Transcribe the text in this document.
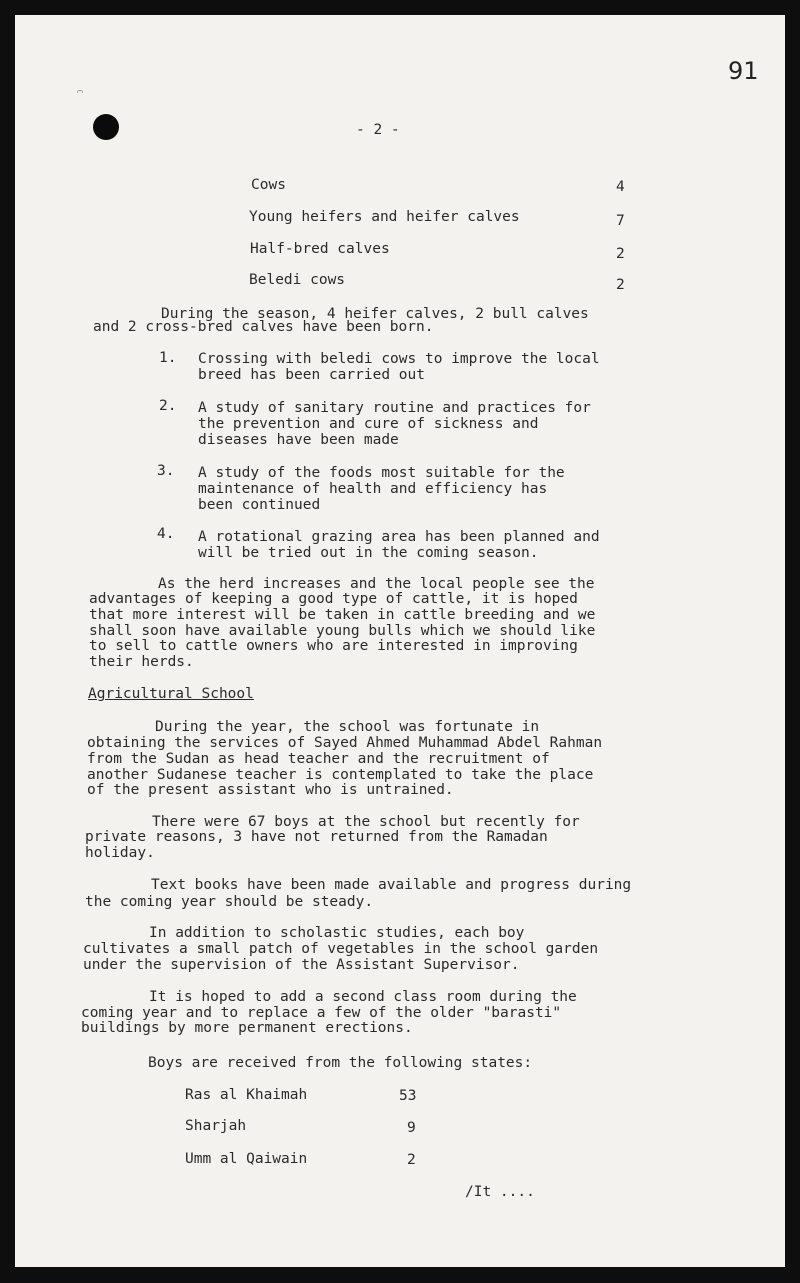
91
⌒
- 2 -
Cows	4
Young heifers and heifer calves	7
Half-bred calves	2
Beledi cows	2
During the season, 4 heifer calves, 2 bull calves
and 2 cross-bred calves have been born.
1. Crossing with beledi cows to improve the local
breed has been carried out
2. A study of sanitary routine and practices for
the prevention and cure of sickness and
diseases have been made
3. A study of the foods most suitable for the
maintenance of health and efficiency has
been continued
4. A rotational grazing area has been planned and
will be tried out in the coming season.
As the herd increases and the local people see the
advantages of keeping a good type of cattle, it is hoped
that more interest will be taken in cattle breeding and we
shall soon have available young bulls which we should like
to sell to cattle owners who are interested in improving
their herds.
Agricultural School
During the year, the school was fortunate in
obtaining the services of Sayed Ahmed Muhammad Abdel Rahman
from the Sudan as head teacher and the recruitment of
another Sudanese teacher is contemplated to take the place
of the present assistant who is untrained.
There were 67 boys at the school but recently for
private reasons, 3 have not returned from the Ramadan
holiday.
Text books have been made available and progress during
the coming year should be steady.
In addition to scholastic studies, each boy
cultivates a small patch of vegetables in the school garden
under the supervision of the Assistant Supervisor.
It is hoped to add a second class room during the
coming year and to replace a few of the older "barasti"
buildings by more permanent erections.
Boys are received from the following states:
Ras al Khaimah	53
Sharjah	9
Umm al Qaiwain	2
/It ....
